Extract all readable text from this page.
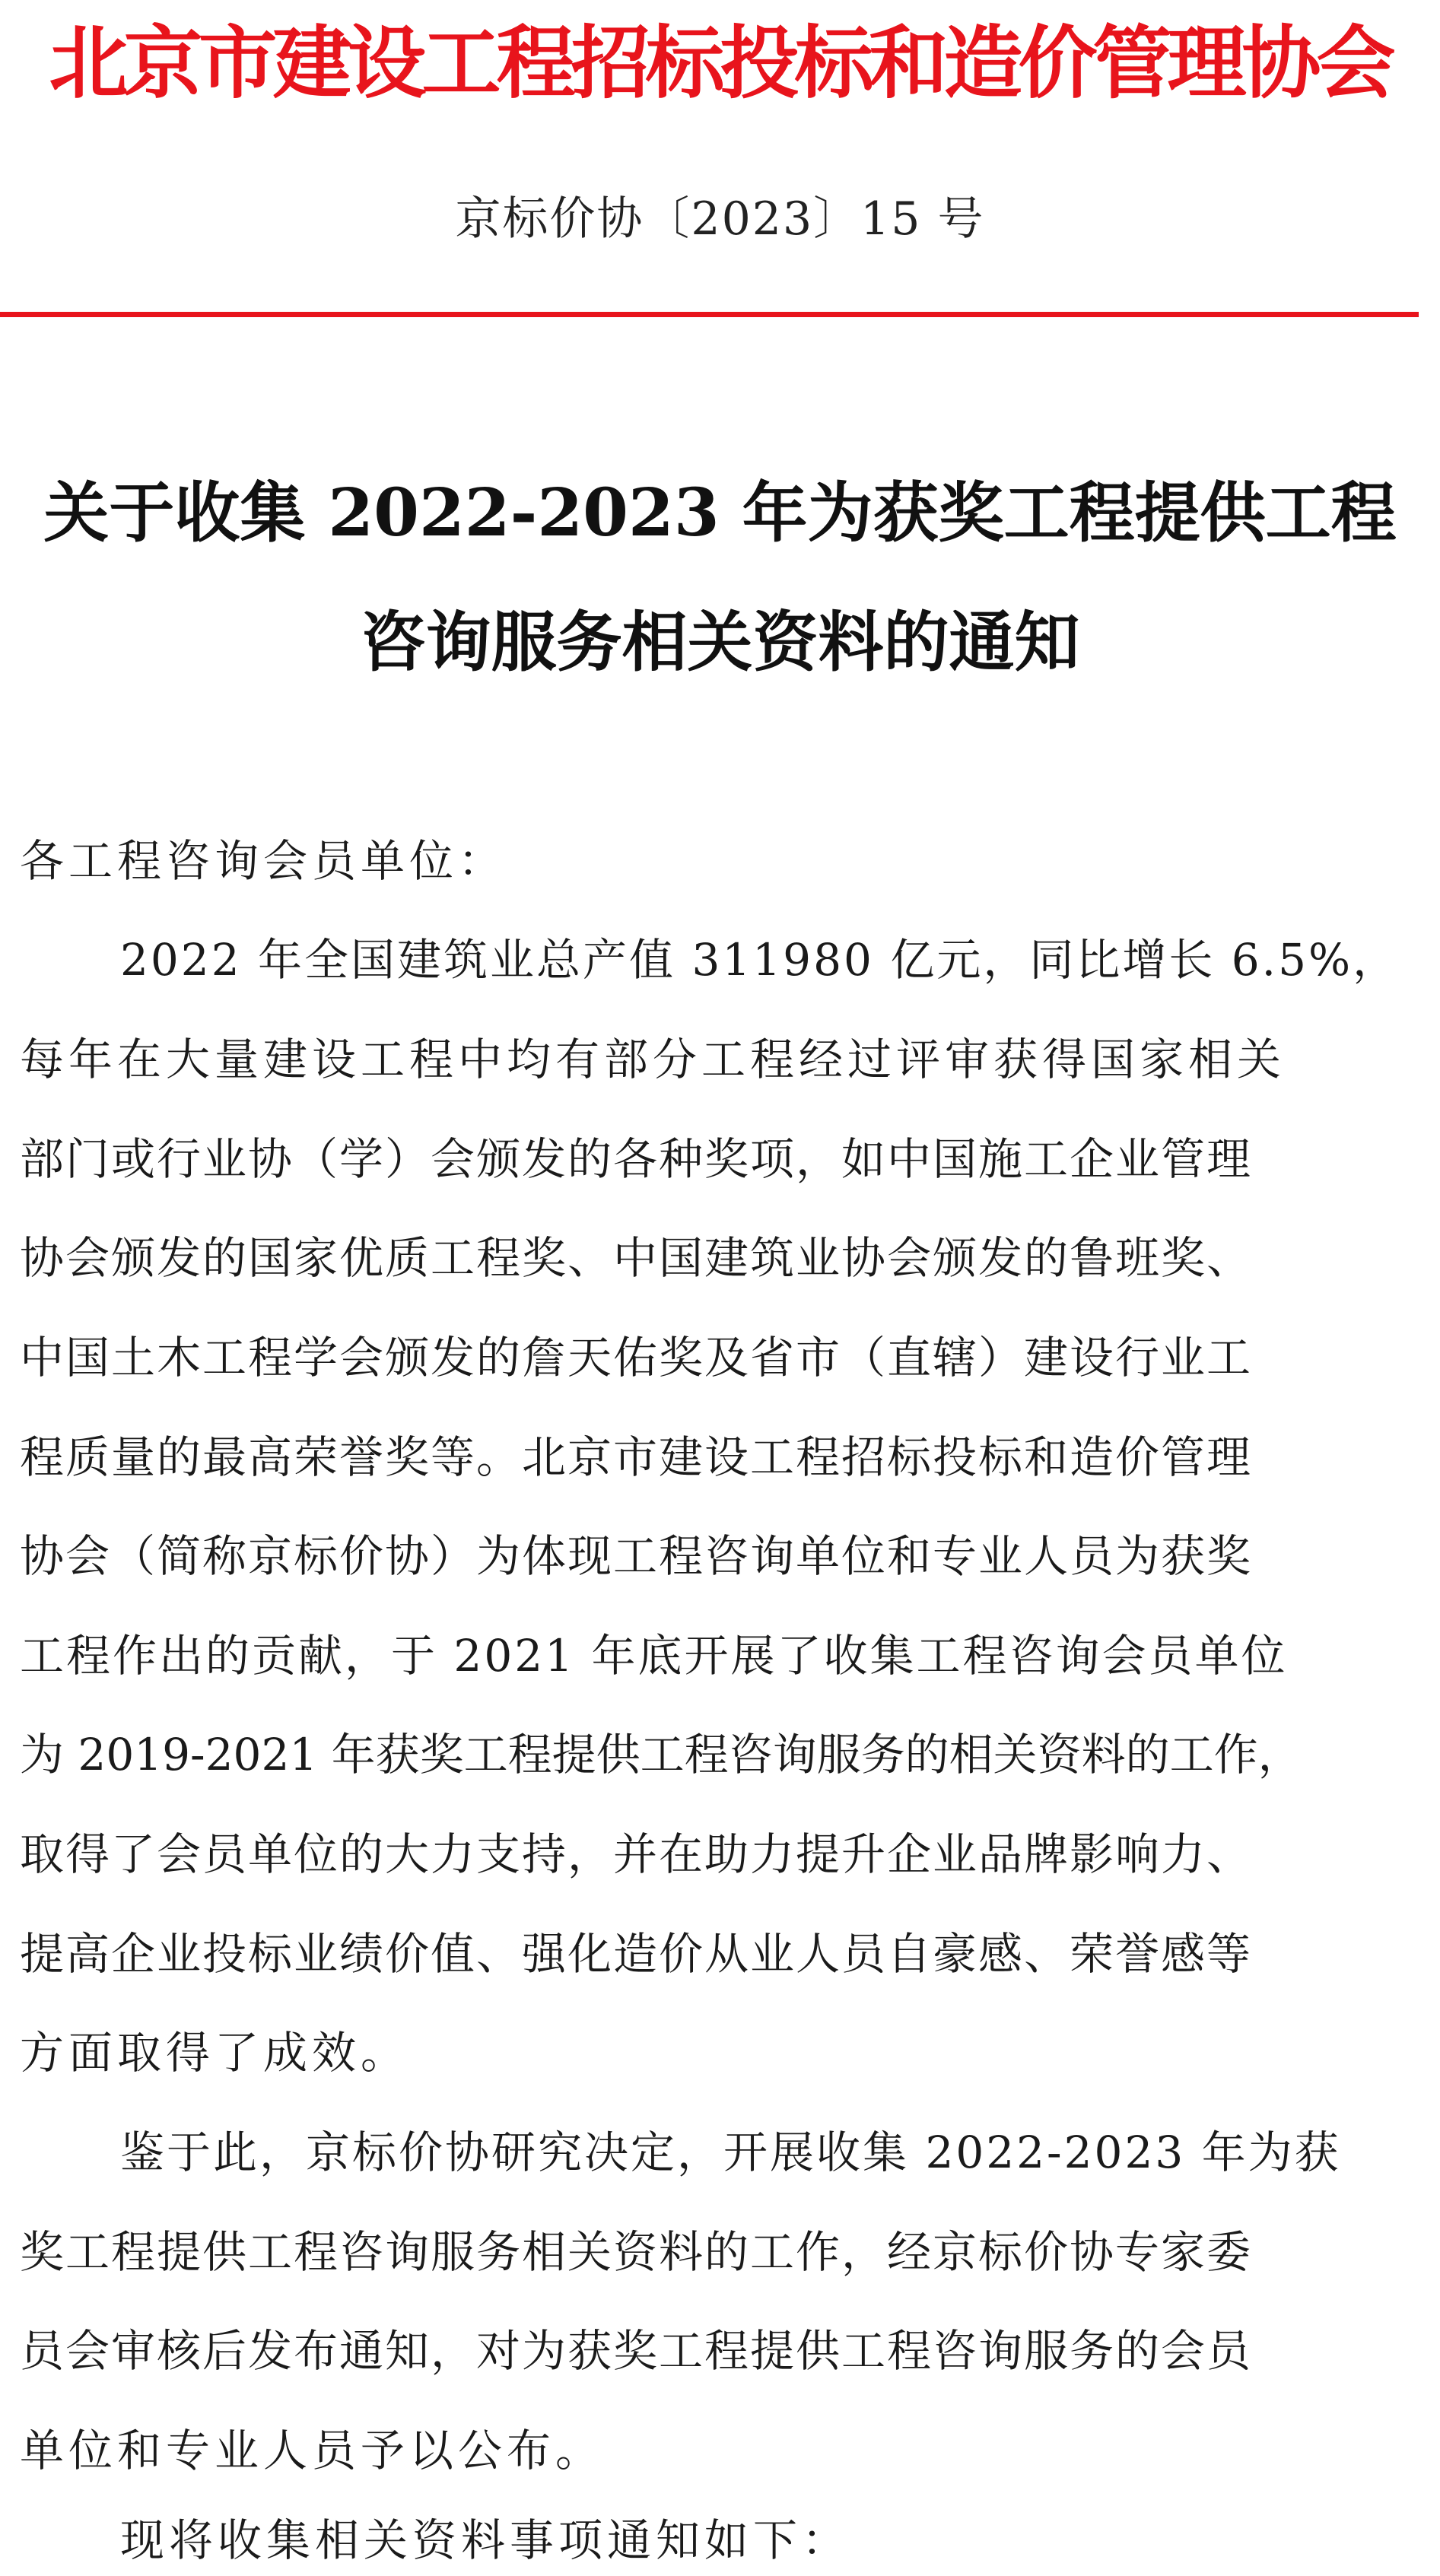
北京市建设工程招标投标和造价管理协会
京标价协〔2023〕15 号
关于收集 2022-2023 年为获奖工程提供工程
咨询服务相关资料的通知
各工程咨询会员单位：
2022 年全国建筑业总产值 311980 亿元，同比增长 6.5%，
每年在大量建设工程中均有部分工程经过评审获得国家相关
部门或行业协（学）会颁发的各种奖项，如中国施工企业管理
协会颁发的国家优质工程奖、中国建筑业协会颁发的鲁班奖、
中国土木工程学会颁发的詹天佑奖及省市（直辖）建设行业工
程质量的最高荣誉奖等。北京市建设工程招标投标和造价管理
协会（简称京标价协）为体现工程咨询单位和专业人员为获奖
工程作出的贡献，于 2021 年底开展了收集工程咨询会员单位
为 2019-2021 年获奖工程提供工程咨询服务的相关资料的工作，
取得了会员单位的大力支持，并在助力提升企业品牌影响力、
提高企业投标业绩价值、强化造价从业人员自豪感、荣誉感等
方面取得了成效。
鉴于此，京标价协研究决定，开展收集 2022-2023 年为获
奖工程提供工程咨询服务相关资料的工作，经京标价协专家委
员会审核后发布通知，对为获奖工程提供工程咨询服务的会员
单位和专业人员予以公布。
现将收集相关资料事项通知如下：
